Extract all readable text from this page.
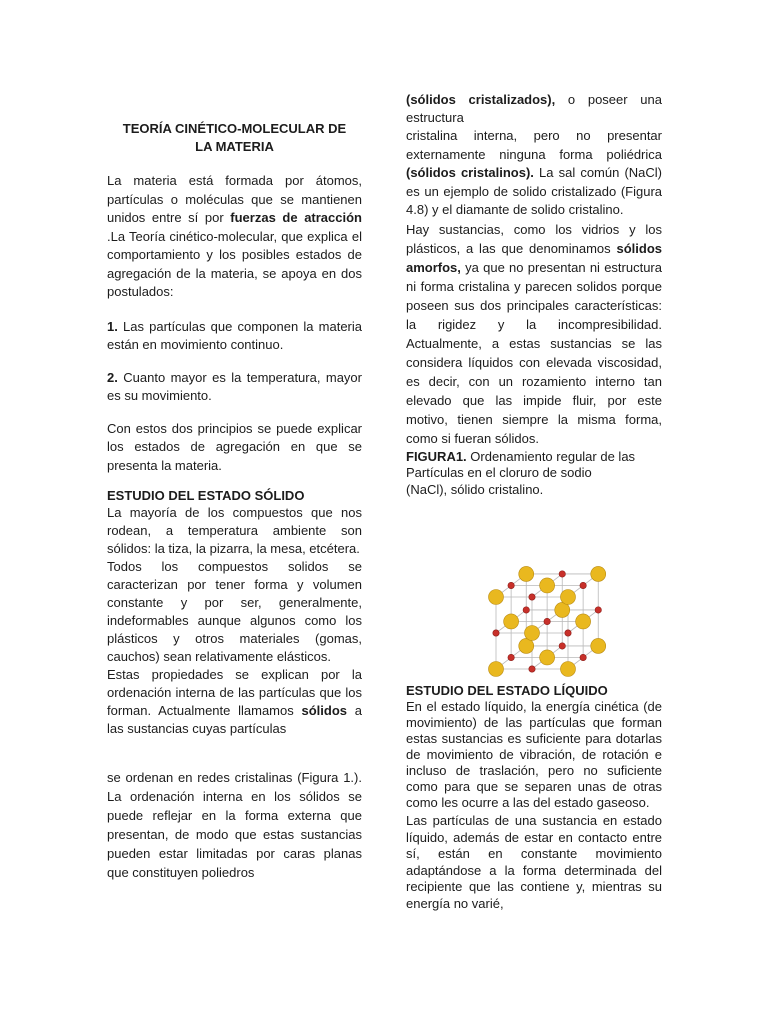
TEORÍA CINÉTICO-MOLECULAR DE
LA MATERIA

La materia está formada por átomos, partículas o moléculas que se mantienen unidos entre sí por fuerzas de atracción .La Teoría cinético-molecular, que explica el comportamiento y los posibles estados de agregación de la materia, se apoya en dos postulados:

1. Las partículas que componen la materia están en movimiento continuo.

2. Cuanto mayor es la temperatura, mayor es su movimiento.

Con estos dos principios se puede explicar los estados de agregación en que se presenta la materia.

ESTUDIO DEL ESTADO SÓLIDO

La mayoría de los compuestos que nos rodean, a temperatura ambiente son sólidos: la tiza, la pizarra, la mesa, etcétera.

Todos los compuestos solidos se caracterizan por tener forma y volumen constante y por ser, generalmente, indeformables aunque algunos como los plásticos y otros materiales (gomas, cauchos) sean relativamente elásticos.

Estas propiedades se explican por la ordenación interna de las partículas que los forman. Actualmente llamamos sólidos a las sustancias cuyas partículas

se ordenan en redes cristalinas (Figura 1.). La ordenación interna en los sólidos se puede reflejar en la forma externa que presentan, de modo que estas sustancias pueden estar limitadas por caras planas que constituyen poliedros

(sólidos cristalizados), o poseer una estructura

cristalina interna, pero no presentar externamente ninguna forma poliédrica (sólidos cristalinos). La sal común (NaCl) es un ejemplo de solido cristalizado (Figura 4.8) y el diamante de solido cristalino.

Hay sustancias, como los vidrios y los plásticos, a las que denominamos sólidos amorfos, ya que no presentan ni estructura ni forma cristalina y parecen solidos porque poseen sus dos principales características: la rigidez y la incompresibilidad. Actualmente, a estas sustancias se las considera líquidos con elevada viscosidad, es decir, con un rozamiento interno tan elevado que las impide fluir, por este motivo, tienen siempre la misma forma, como si fueran sólidos.

FIGURA1. Ordenamiento regular de las
Partículas en el cloruro de sodio
(NaCl), sólido cristalino.

ESTUDIO DEL ESTADO LÍQUIDO

En el estado líquido, la energía cinética (de movimiento) de las partículas que forman estas sustancias es suficiente para dotarlas de movimiento de vibración, de rotación e incluso de traslación, pero no suficiente como para que se separen unas de otras como les ocurre a las del estado gaseoso.

Las partículas de una sustancia en estado líquido, además de estar en contacto entre sí, están en constante movimiento adaptándose a la forma determinada del recipiente que las contiene y, mientras su energía no varié,
